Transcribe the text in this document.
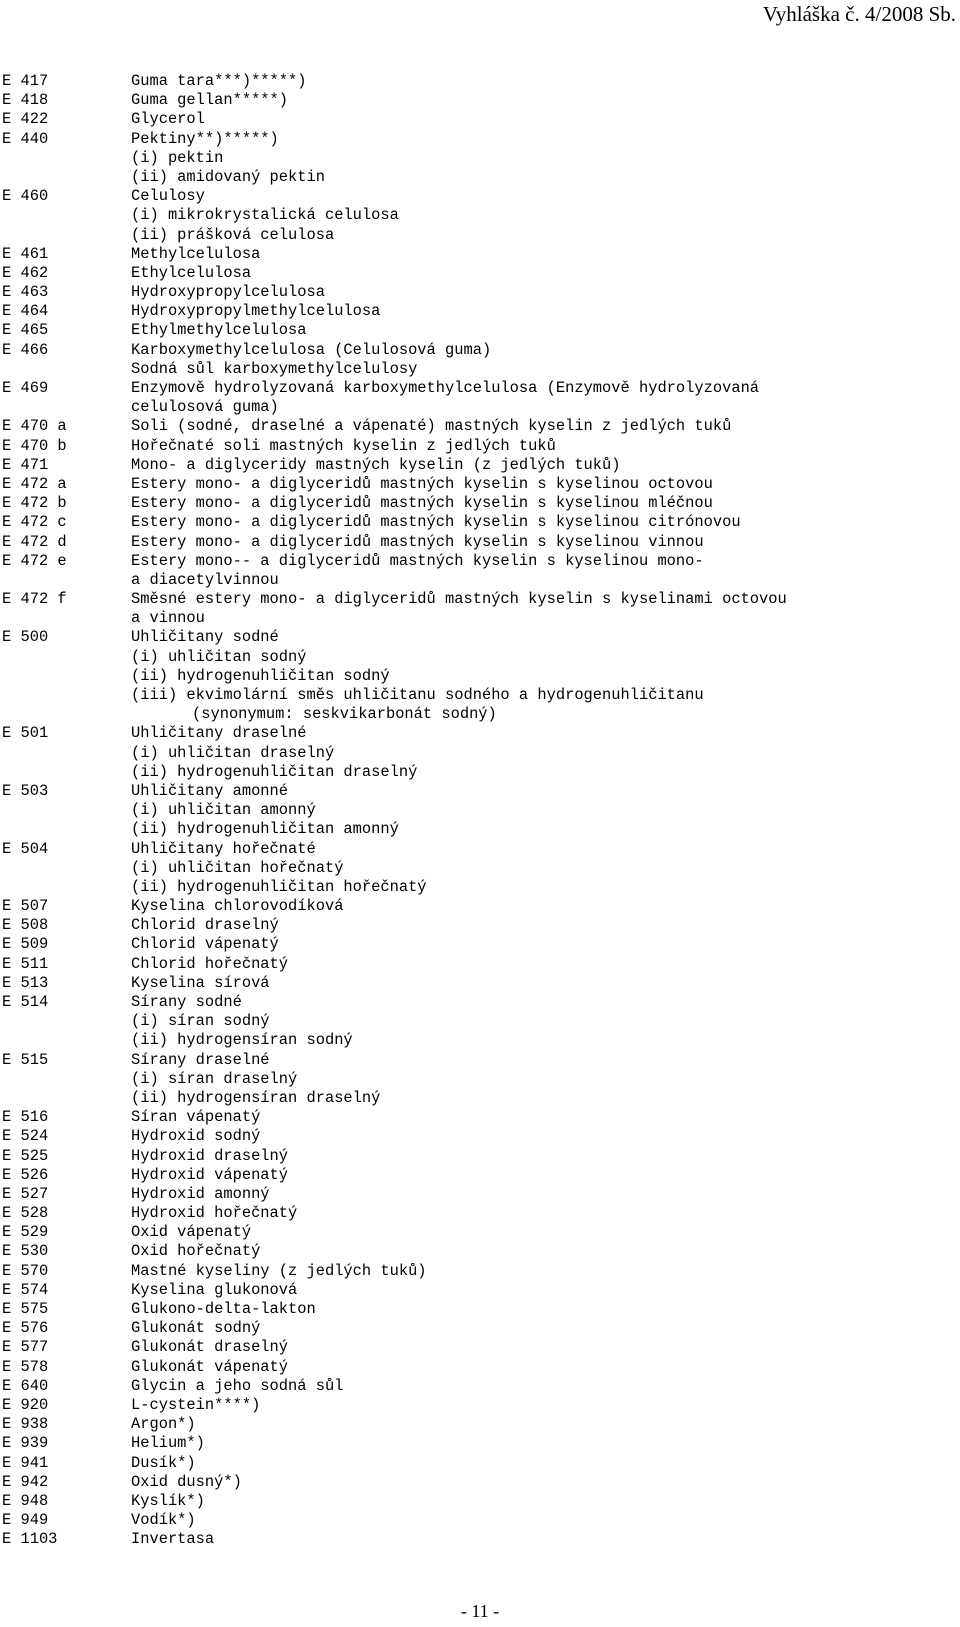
Vyhláška č. 4/2008 Sb.
E 417	Guma tara***)*****)
E 418	Guma gellan*****)
E 422	Glycerol
E 440	Pektiny**)*****)
(i) pektin
(ii) amidovaný pektin
E 460	Celulosy
(i) mikrokrystalická celulosa
(ii) prášková celulosa
E 461	Methylcelulosa
E 462	Ethylcelulosa
E 463	Hydroxypropylcelulosa
E 464	Hydroxypropylmethylcelulosa
E 465	Ethylmethylcelulosa
E 466	Karboxymethylcelulosa (Celulosová guma)
Sodná sůl karboxymethylcelulosy
E 469	Enzymově hydrolyzovaná karboxymethylcelulosa (Enzymově hydrolyzovaná
celulosová guma)
E 470 a	Soli (sodné, draselné a vápenaté) mastných kyselin z jedlých tuků
E 470 b	Hořečnaté soli mastných kyselin z jedlých tuků
E 471	Mono- a diglyceridy mastných kyselin (z jedlých tuků)
E 472 a	Estery mono- a diglyceridů mastných kyselin s kyselinou octovou
E 472 b	Estery mono- a diglyceridů mastných kyselin s kyselinou mléčnou
E 472 c	Estery mono- a diglyceridů mastných kyselin s kyselinou citrónovou
E 472 d	Estery mono- a diglyceridů mastných kyselin s kyselinou vinnou
E 472 e	Estery mono-- a diglyceridů mastných kyselin s kyselinou mono-
a diacetylvinnou
E 472 f	Směsné estery mono- a diglyceridů mastných kyselin s kyselinami octovou
a vinnou
E 500	Uhličitany sodné
(i) uhličitan sodný
(ii) hydrogenuhličitan sodný
(iii) ekvimolární směs uhličitanu sodného a hydrogenuhličitanu
(synonymum: seskvikarbonát sodný)
E 501	Uhličitany draselné
(i) uhličitan draselný
(ii) hydrogenuhličitan draselný
E 503	Uhličitany amonné
(i) uhličitan amonný
(ii) hydrogenuhličitan amonný
E 504	Uhličitany hořečnaté
(i) uhličitan hořečnatý
(ii) hydrogenuhličitan hořečnatý
E 507	Kyselina chlorovodíková
E 508	Chlorid draselný
E 509	Chlorid vápenatý
E 511	Chlorid hořečnatý
E 513	Kyselina sírová
E 514	Sírany sodné
(i) síran sodný
(ii) hydrogensíran sodný
E 515	Sírany draselné
(i) síran draselný
(ii) hydrogensíran draselný
E 516	Síran vápenatý
E 524	Hydroxid sodný
E 525	Hydroxid draselný
E 526	Hydroxid vápenatý
E 527	Hydroxid amonný
E 528	Hydroxid hořečnatý
E 529	Oxid vápenatý
E 530	Oxid hořečnatý
E 570	Mastné kyseliny (z jedlých tuků)
E 574	Kyselina glukonová
E 575	Glukono-delta-lakton
E 576	Glukonát sodný
E 577	Glukonát draselný
E 578	Glukonát vápenatý
E 640	Glycin a jeho sodná sůl
E 920	L-cystein****)
E 938	Argon*)
E 939	Helium*)
E 941	Dusík*)
E 942	Oxid dusný*)
E 948	Kyslík*)
E 949	Vodík*)
E 1103	Invertasa
- 11 -
